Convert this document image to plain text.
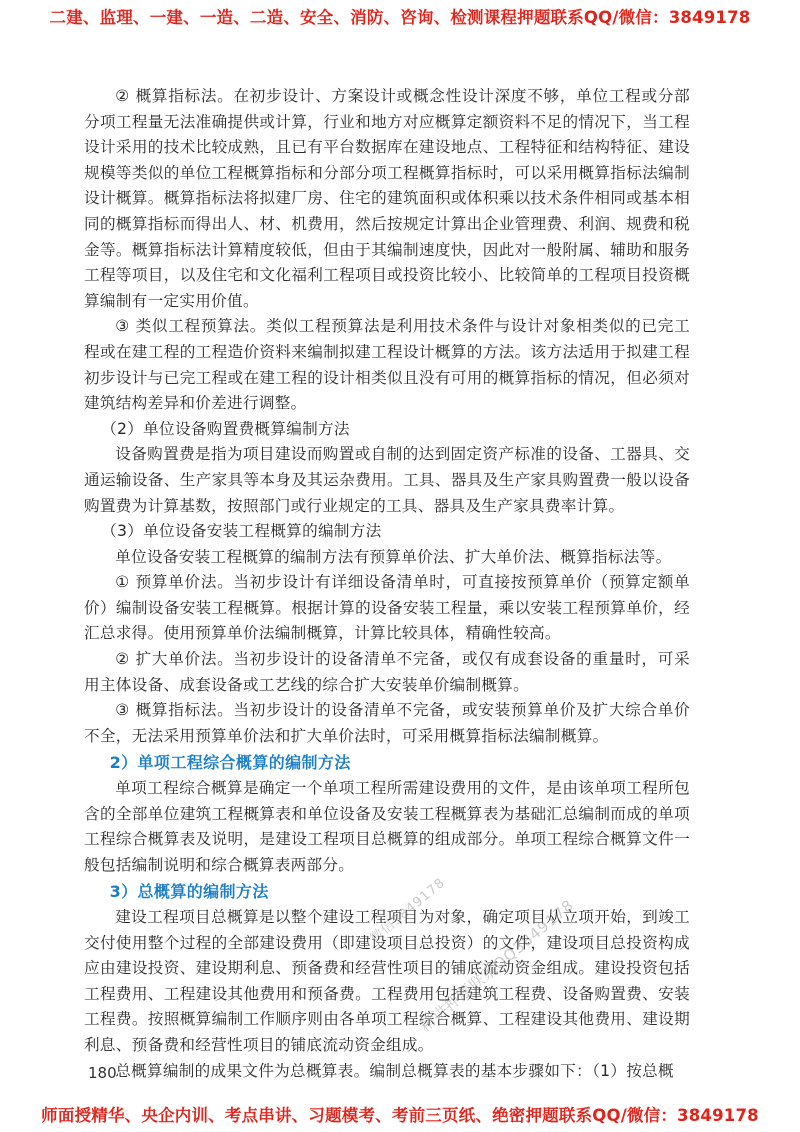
二建、监理、一建、一造、二造、安全、消防、咨询、检测课程押题联系QQ/微信：3849178

② 概算指标法。在初步设计、方案设计或概念性设计深度不够，单位工程或分部分项工程量无法准确提供或计算，行业和地方对应概算定额资料不足的情况下，当工程设计采用的技术比较成熟，且已有平台数据库在建设地点、工程特征和结构特征、建设规模等类似的单位工程概算指标和分部分项工程概算指标时，可以采用概算指标法编制设计概算。概算指标法将拟建厂房、住宅的建筑面积或体积乘以技术条件相同或基本相同的概算指标而得出人、材、机费用，然后按规定计算出企业管理费、利润、规费和税金等。概算指标法计算精度较低，但由于其编制速度快，因此对一般附属、辅助和服务工程等项目，以及住宅和文化福利工程项目或投资比较小、比较简单的工程项目投资概算编制有一定实用价值。

③ 类似工程预算法。类似工程预算法是利用技术条件与设计对象相类似的已完工程或在建工程的工程造价资料来编制拟建工程设计概算的方法。该方法适用于拟建工程初步设计与已完工程或在建工程的设计相类似且没有可用的概算指标的情况，但必须对建筑结构差异和价差进行调整。

（2）单位设备购置费概算编制方法

设备购置费是指为项目建设而购置或自制的达到固定资产标准的设备、工器具、交通运输设备、生产家具等本身及其运杂费用。工具、器具及生产家具购置费一般以设备购置费为计算基数，按照部门或行业规定的工具、器具及生产家具费率计算。

（3）单位设备安装工程概算的编制方法

单位设备安装工程概算的编制方法有预算单价法、扩大单价法、概算指标法等。

① 预算单价法。当初步设计有详细设备清单时，可直接按预算单价（预算定额单价）编制设备安装工程概算。根据计算的设备安装工程量，乘以安装工程预算单价，经汇总求得。使用预算单价法编制概算，计算比较具体，精确性较高。

② 扩大单价法。当初步设计的设备清单不完备，或仅有成套设备的重量时，可采用主体设备、成套设备或工艺线的综合扩大安装单价编制概算。

③ 概算指标法。当初步设计的设备清单不完备，或安装预算单价及扩大综合单价不全，无法采用预算单价法和扩大单价法时，可采用概算指标法编制概算。

2）单项工程综合概算的编制方法

单项工程综合概算是确定一个单项工程所需建设费用的文件，是由该单项工程所包含的全部单位建筑工程概算表和单位设备及安装工程概算表为基础汇总编制而成的单项工程综合概算表及说明，是建设工程项目总概算的组成部分。单项工程综合概算文件一般包括编制说明和综合概算表两部分。

3）总概算的编制方法

建设工程项目总概算是以整个建设工程项目为对象，确定项目从立项开始，到竣工交付使用整个过程的全部建设费用（即建设项目总投资）的文件，建设项目总投资构成应由建设投资、建设期利息、预备费和经营性项目的铺底流动资金组成。建设投资包括工程费用、工程建设其他费用和预备费。工程费用包括建筑工程费、设备购置费、安装工程费。按照概算编制工作顺序则由各单项工程综合概算、工程建设其他费用、建设期利息、预备费和经营性项目的铺底流动资金组成。

总概算编制的成果文件为总概算表。编制总概算表的基本步骤如下：（1）按总概

180
微信3849178
精讲押题联系QQ3849178
师面授精华、央企内训、考点串讲、习题模考、考前三页纸、绝密押题联系QQ/微信：3849178
